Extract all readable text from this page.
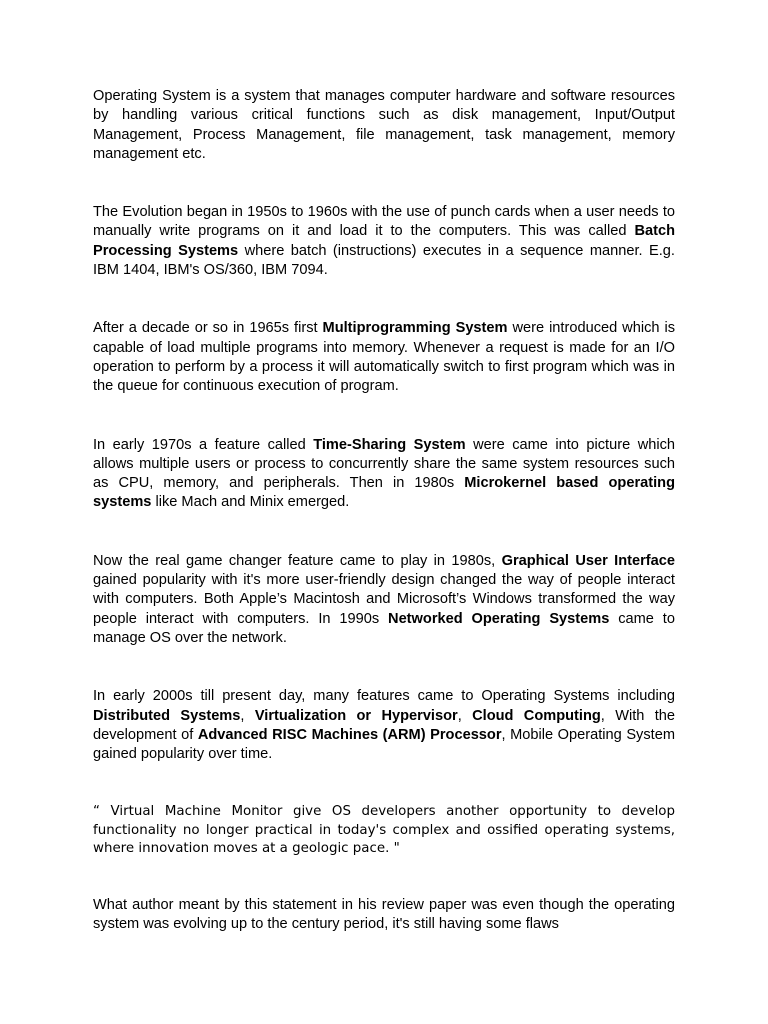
Operating System is a system that manages computer hardware and software resources by handling various critical functions such as disk management, Input/Output Management, Process Management, file management, task management, memory management etc.

The Evolution began in 1950s to 1960s with the use of punch cards when a user needs to manually write programs on it and load it to the computers. This was called Batch Processing Systems where batch (instructions) executes in a sequence manner. E.g. IBM 1404, IBM's OS/360, IBM 7094.

After a decade or so in 1965s first Multiprogramming System were introduced which is capable of load multiple programs into memory. Whenever a request is made for an I/O operation to perform by a process it will automatically switch to first program which was in the queue for continuous execution of program.

In early 1970s a feature called Time-Sharing System were came into picture which allows multiple users or process to concurrently share the same system resources such as CPU, memory, and peripherals. Then in 1980s Microkernel based operating systems like Mach and Minix emerged.

Now the real game changer feature came to play in 1980s, Graphical User Interface gained popularity with it's more user-friendly design changed the way of people interact with computers. Both Apple’s Macintosh and Microsoft’s Windows transformed the way people interact with computers. In 1990s Networked Operating Systems came to manage OS over the network.

In early 2000s till present day, many features came to Operating Systems including Distributed Systems, Virtualization or Hypervisor, Cloud Computing, With the development of Advanced RISC Machines (ARM) Processor, Mobile Operating System gained popularity over time.

“ Virtual Machine Monitor give OS developers another opportunity to develop functionality no longer practical in today's complex and ossified operating systems, where innovation moves at a geologic pace. "

What author meant by this statement in his review paper was even though the operating system was evolving up to the century period, it's still having some flaws
